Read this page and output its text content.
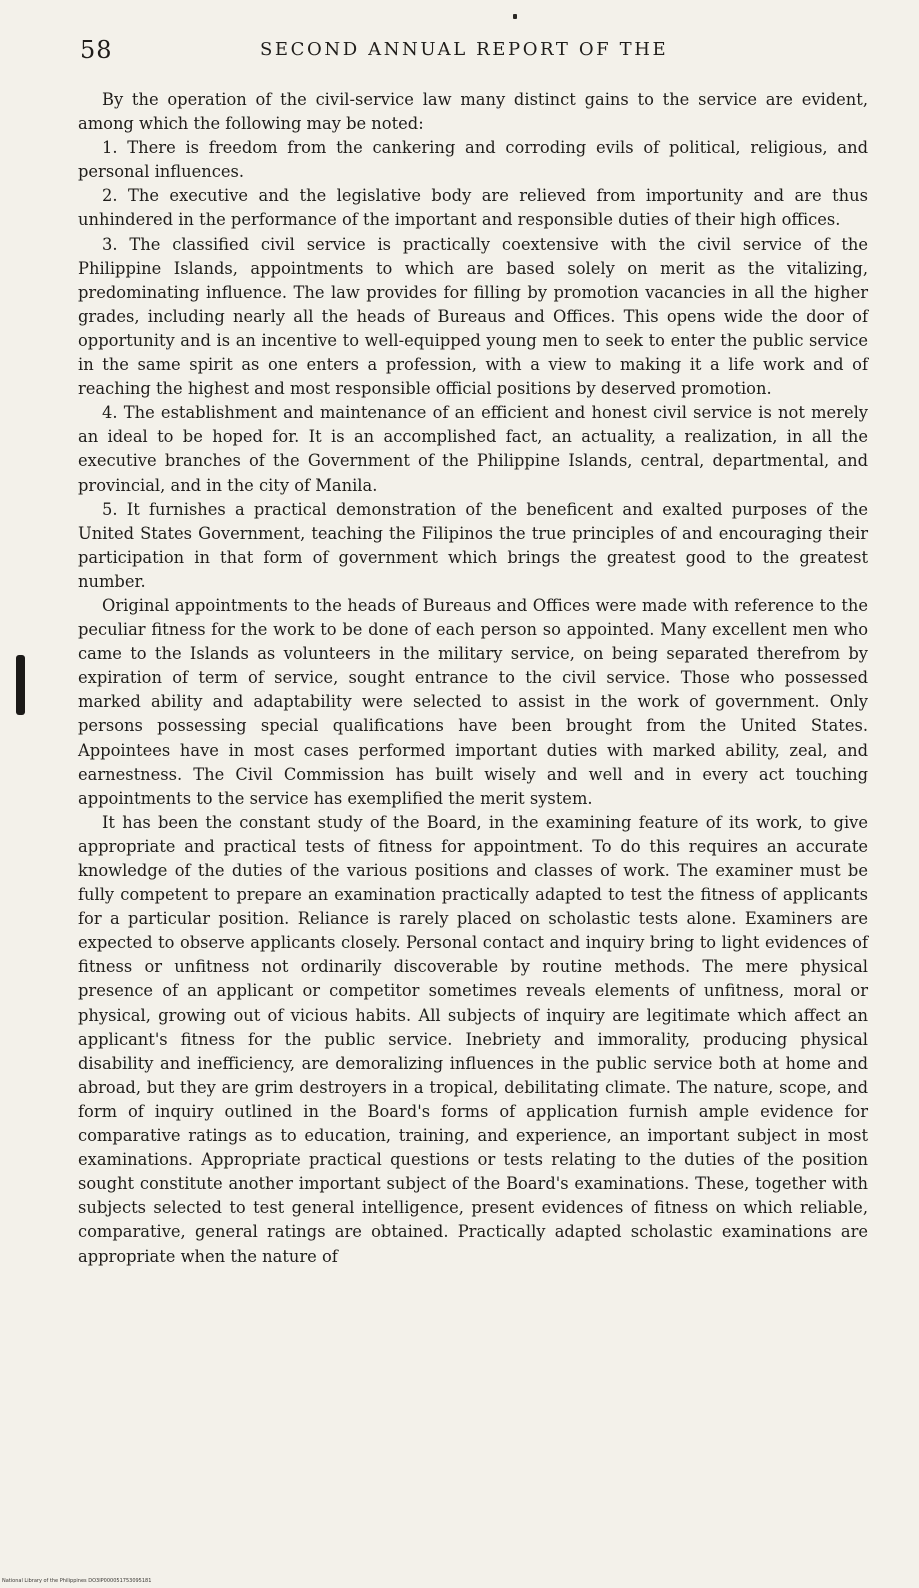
58	SECOND ANNUAL REPORT OF THE

By the operation of the civil-service law many distinct gains to the service are evident, among which the following may be noted:

1. There is freedom from the cankering and corroding evils of political, religious, and personal influences.

2. The executive and the legislative body are relieved from importunity and are thus unhindered in the performance of the important and responsible duties of their high offices.

3. The classified civil service is practically coextensive with the civil service of the Philippine Islands, appointments to which are based solely on merit as the vitalizing, predominating influence. The law provides for filling by promotion vacancies in all the higher grades, including nearly all the heads of Bureaus and Offices. This opens wide the door of opportunity and is an incentive to well-equipped young men to seek to enter the public service in the same spirit as one enters a profession, with a view to making it a life work and of reaching the highest and most responsible official positions by deserved promotion.

4. The establishment and maintenance of an efficient and honest civil service is not merely an ideal to be hoped for. It is an accomplished fact, an actuality, a realization, in all the executive branches of the Government of the Philippine Islands, central, departmental, and provincial, and in the city of Manila.

5. It furnishes a practical demonstration of the beneficent and exalted purposes of the United States Government, teaching the Filipinos the true principles of and encouraging their participation in that form of government which brings the greatest good to the greatest number.

Original appointments to the heads of Bureaus and Offices were made with reference to the peculiar fitness for the work to be done of each person so appointed. Many excellent men who came to the Islands as volunteers in the military service, on being separated therefrom by expiration of term of service, sought entrance to the civil service. Those who possessed marked ability and adaptability were selected to assist in the work of government. Only persons possessing special qualifications have been brought from the United States. Appointees have in most cases performed important duties with marked ability, zeal, and earnestness. The Civil Commission has built wisely and well and in every act touching appointments to the service has exemplified the merit system.

It has been the constant study of the Board, in the examining feature of its work, to give appropriate and practical tests of fitness for appointment. To do this requires an accurate knowledge of the duties of the various positions and classes of work. The examiner must be fully competent to prepare an examination practically adapted to test the fitness of applicants for a particular position. Reliance is rarely placed on scholastic tests alone. Examiners are expected to observe applicants closely. Personal contact and inquiry bring to light evidences of fitness or unfitness not ordinarily discoverable by routine methods. The mere physical presence of an applicant or competitor sometimes reveals elements of unfitness, moral or physical, growing out of vicious habits. All subjects of inquiry are legitimate which affect an applicant's fitness for the public service. Inebriety and immorality, producing physical disability and inefficiency, are demoralizing influences in the public service both at home and abroad, but they are grim destroyers in a tropical, debilitating climate. The nature, scope, and form of inquiry outlined in the Board's forms of application furnish ample evidence for comparative ratings as to education, training, and experience, an important subject in most examinations. Appropriate practical questions or tests relating to the duties of the position sought constitute another important subject of the Board's examinations. These, together with subjects selected to test general intelligence, present evidences of fitness on which reliable, comparative, general ratings are obtained. Practically adapted scholastic examinations are appropriate when the nature of

National Library of the Philippines DO3IP000051753095181
